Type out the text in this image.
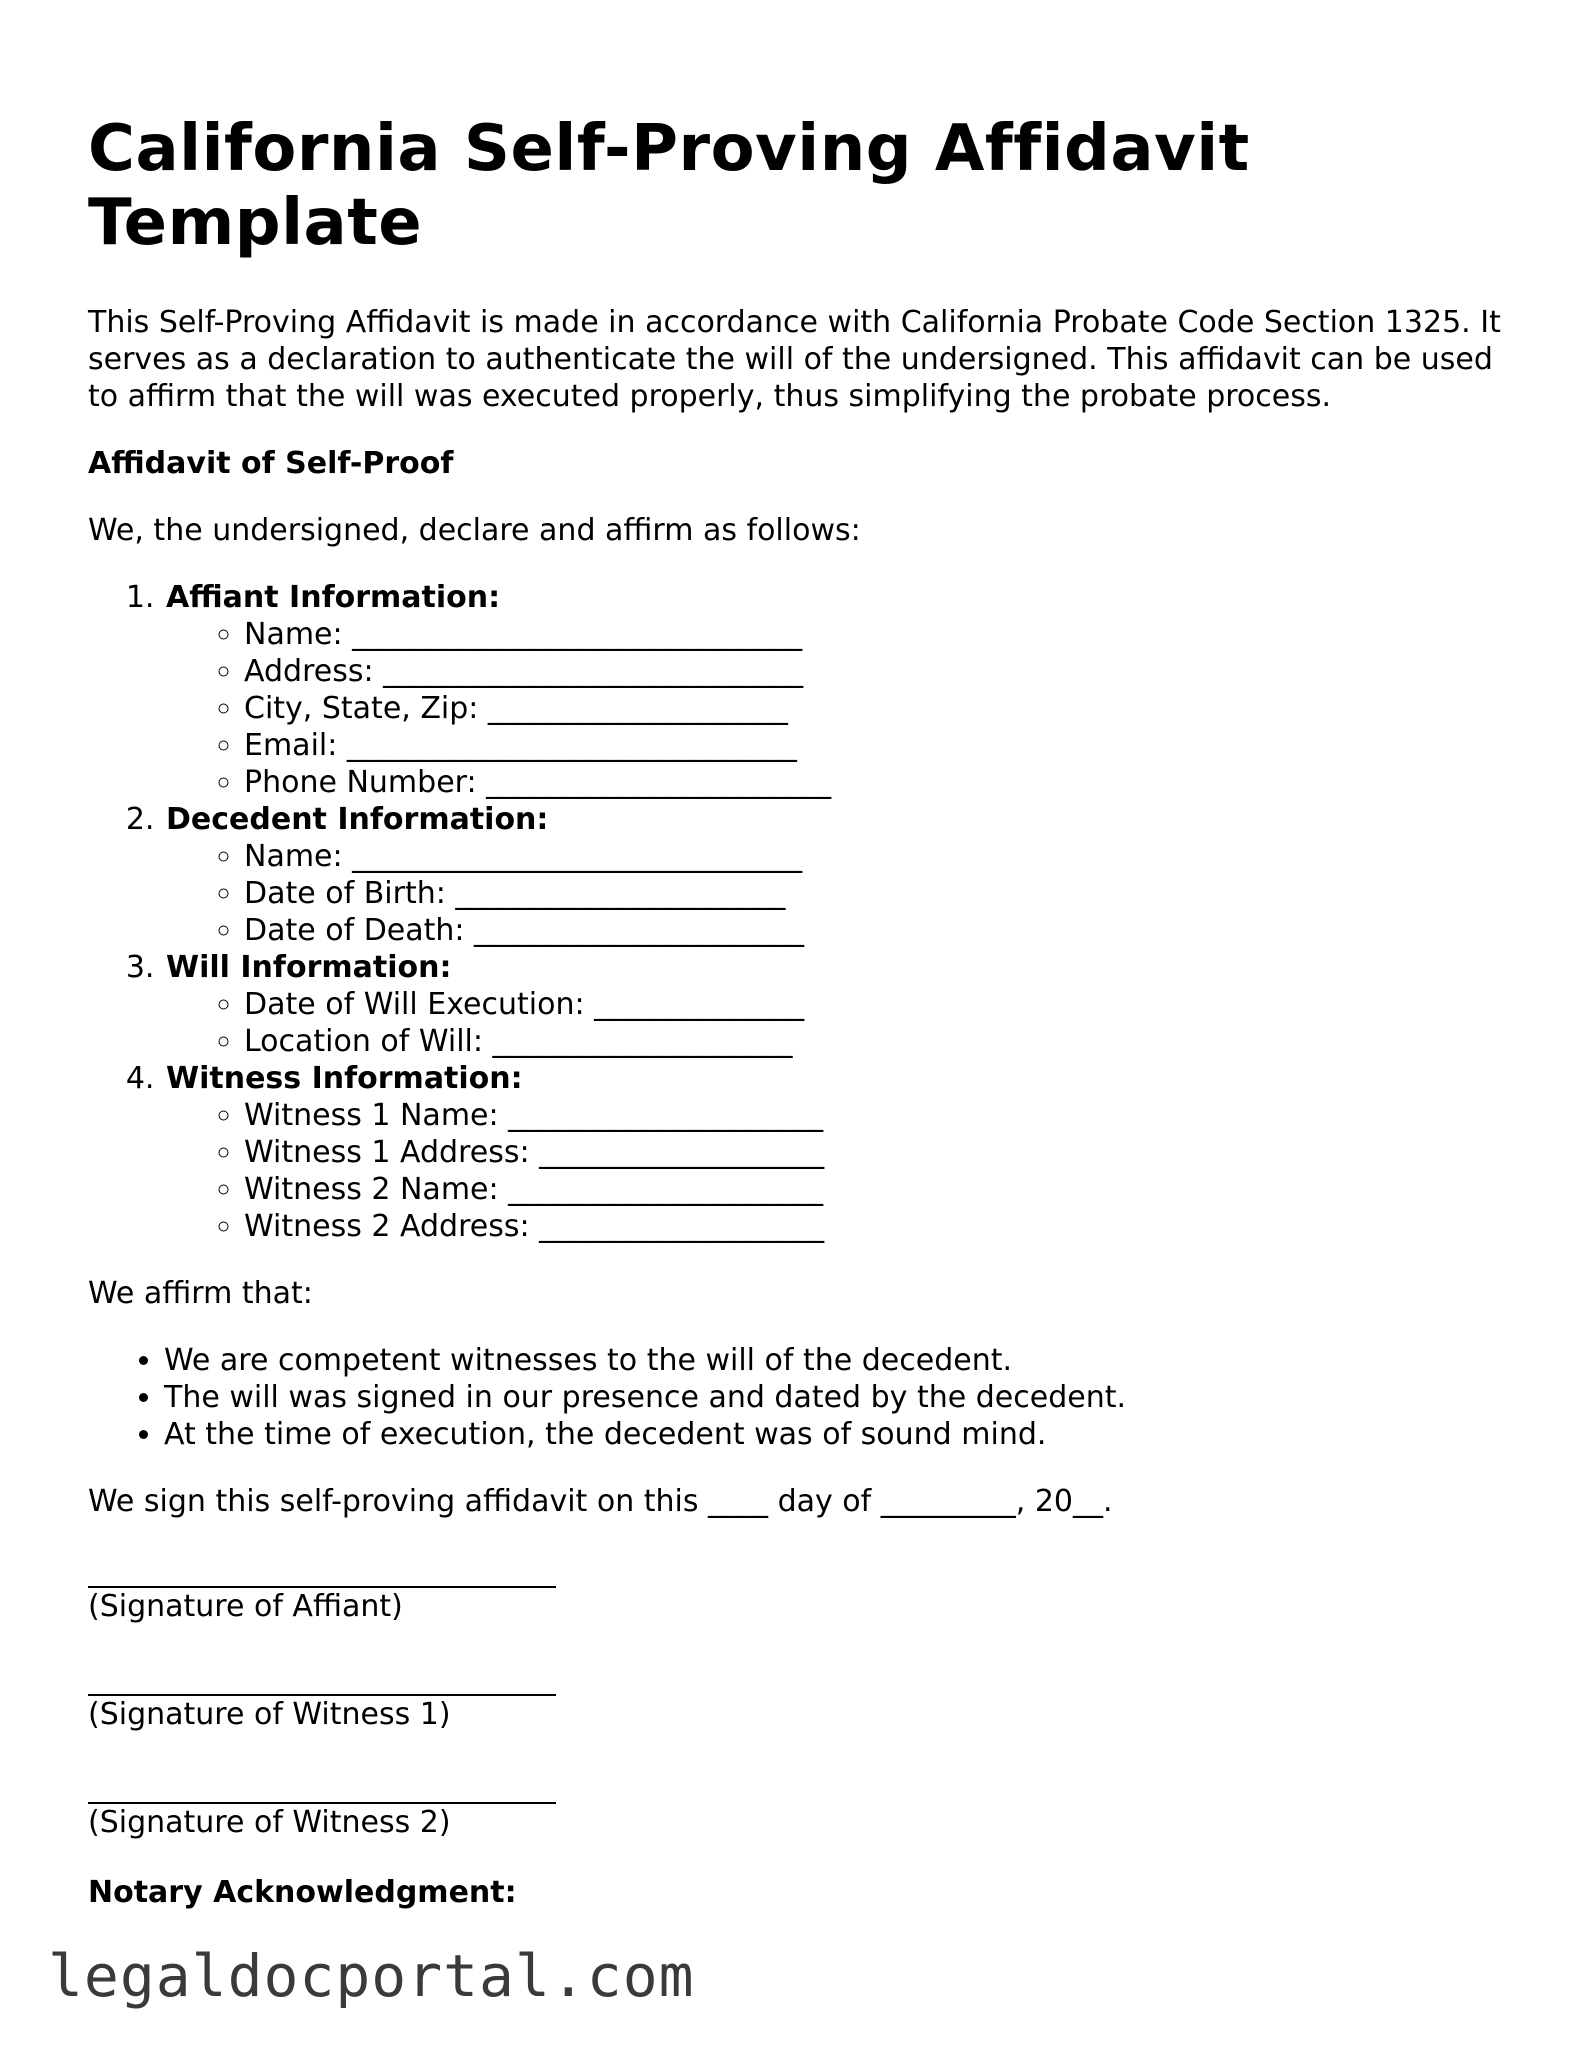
California Self-Proving Affidavit Template

This Self-Proving Affidavit is made in accordance with California Probate Code Section 1325. It serves as a declaration to authenticate the will of the undersigned. This affidavit can be used to affirm that the will was executed properly, thus simplifying the probate process.

Affidavit of Self-Proof

We, the undersigned, declare and affirm as follows:

1. Affiant Information:
◦ Name: ______________________________
◦ Address: ____________________________
◦ City, State, Zip: ____________________
◦ Email: ______________________________
◦ Phone Number: _______________________
2. Decedent Information:
◦ Name: ______________________________
◦ Date of Birth: ______________________
◦ Date of Death: ______________________
3. Will Information:
◦ Date of Will Execution: ______________
◦ Location of Will: ____________________
4. Witness Information:
◦ Witness 1 Name: _____________________
◦ Witness 1 Address: ___________________
◦ Witness 2 Name: _____________________
◦ Witness 2 Address: ___________________

We affirm that:

• We are competent witnesses to the will of the decedent.
• The will was signed in our presence and dated by the decedent.
• At the time of execution, the decedent was of sound mind.

We sign this self-proving affidavit on this ____ day of _________, 20__.

(Signature of Affiant)
(Signature of Witness 1)
(Signature of Witness 2)

Notary Acknowledgment:

legaldocportal.com
